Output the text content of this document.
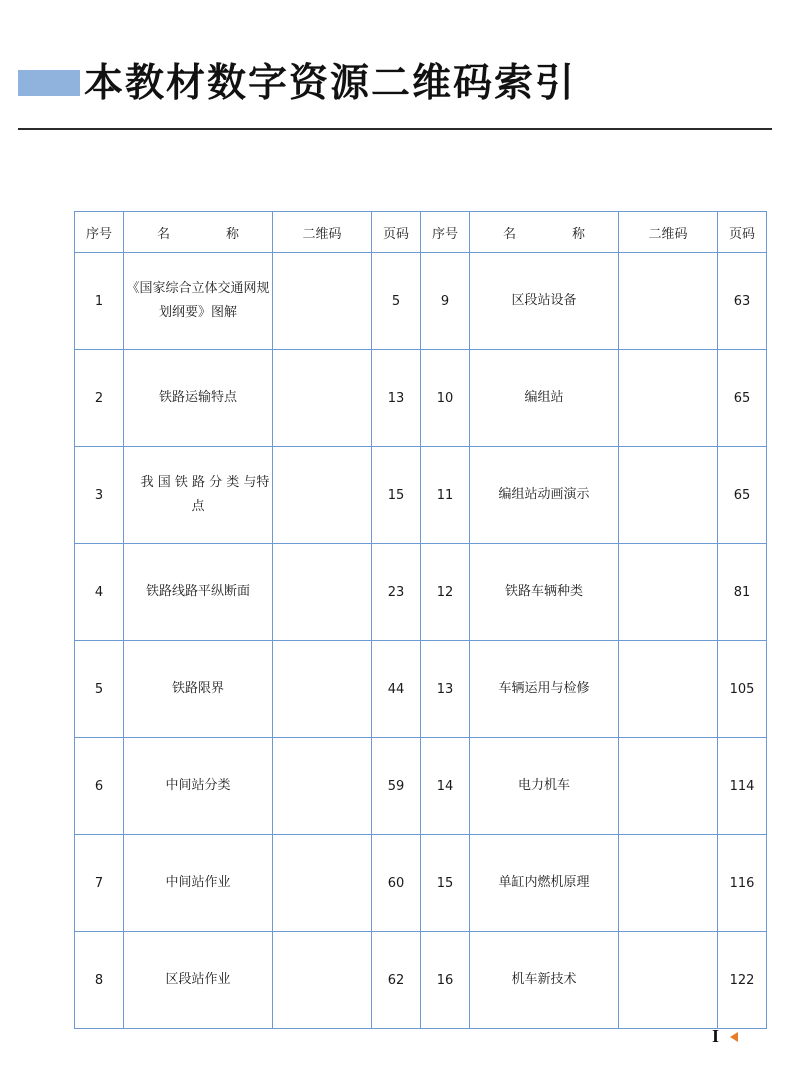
本教材数字资源二维码索引
序号	名　　称	二维码	页码	序号	名　　称	二维码	页码
1	《国家综合立体交通网规划纲要》图解		5	9	区段站设备		63
2	铁路运输特点		13	10	编组站		65
3	我 国 铁 路 分 类 与特点		15	11	编组站动画演示		65
4	铁路线路平纵断面		23	12	铁路车辆种类		81
5	铁路限界		44	13	车辆运用与检修		105
6	中间站分类		59	14	电力机车		114
7	中间站作业		60	15	单缸内燃机原理		116
8	区段站作业		62	16	机车新技术		122
I
